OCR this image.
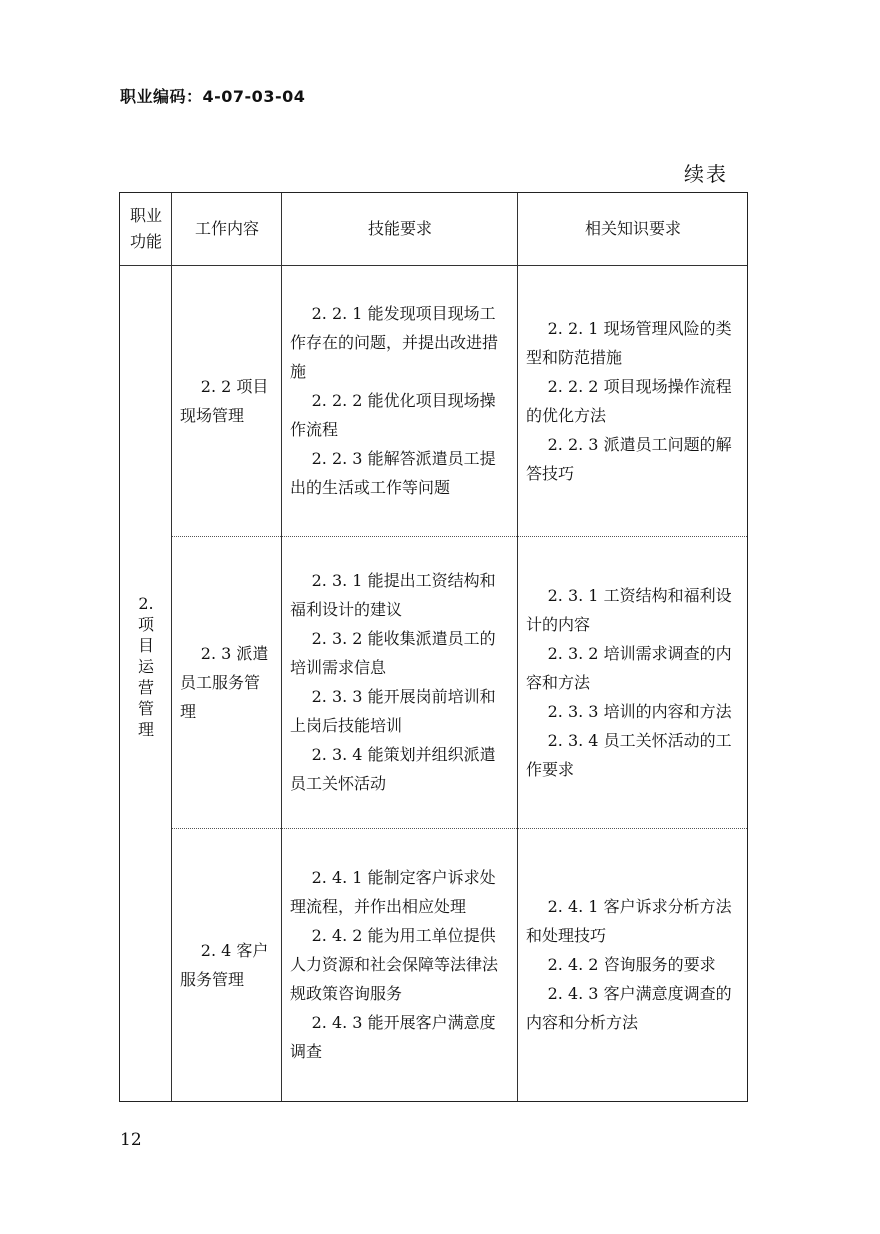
职业编码：4-07-03-04
续表
职业
功能
工作内容	技能要求	相关知识要求
2.
项
目
运
营
管
理

2. 2 项目现场管理

2. 2. 1 能发现项目现场工作存在的问题，并提出改进措施

2. 2. 2 能优化项目现场操作流程

2. 2. 3 能解答派遣员工提出的生活或工作等问题

2. 2. 1 现场管理风险的类型和防范措施

2. 2. 2 项目现场操作流程的优化方法

2. 2. 3 派遣员工问题的解答技巧

2. 3 派遣员工服务管理

2. 3. 1 能提出工资结构和福利设计的建议

2. 3. 2 能收集派遣员工的培训需求信息

2. 3. 3 能开展岗前培训和上岗后技能培训

2. 3. 4 能策划并组织派遣员工关怀活动

2. 3. 1 工资结构和福利设计的内容

2. 3. 2 培训需求调查的内容和方法

2. 3. 3 培训的内容和方法

2. 3. 4 员工关怀活动的工作要求

2. 4 客户服务管理

2. 4. 1 能制定客户诉求处理流程，并作出相应处理

2. 4. 2 能为用工单位提供人力资源和社会保障等法律法规政策咨询服务

2. 4. 3 能开展客户满意度调查

2. 4. 1 客户诉求分析方法和处理技巧

2. 4. 2 咨询服务的要求

2. 4. 3 客户满意度调查的内容和分析方法

12
